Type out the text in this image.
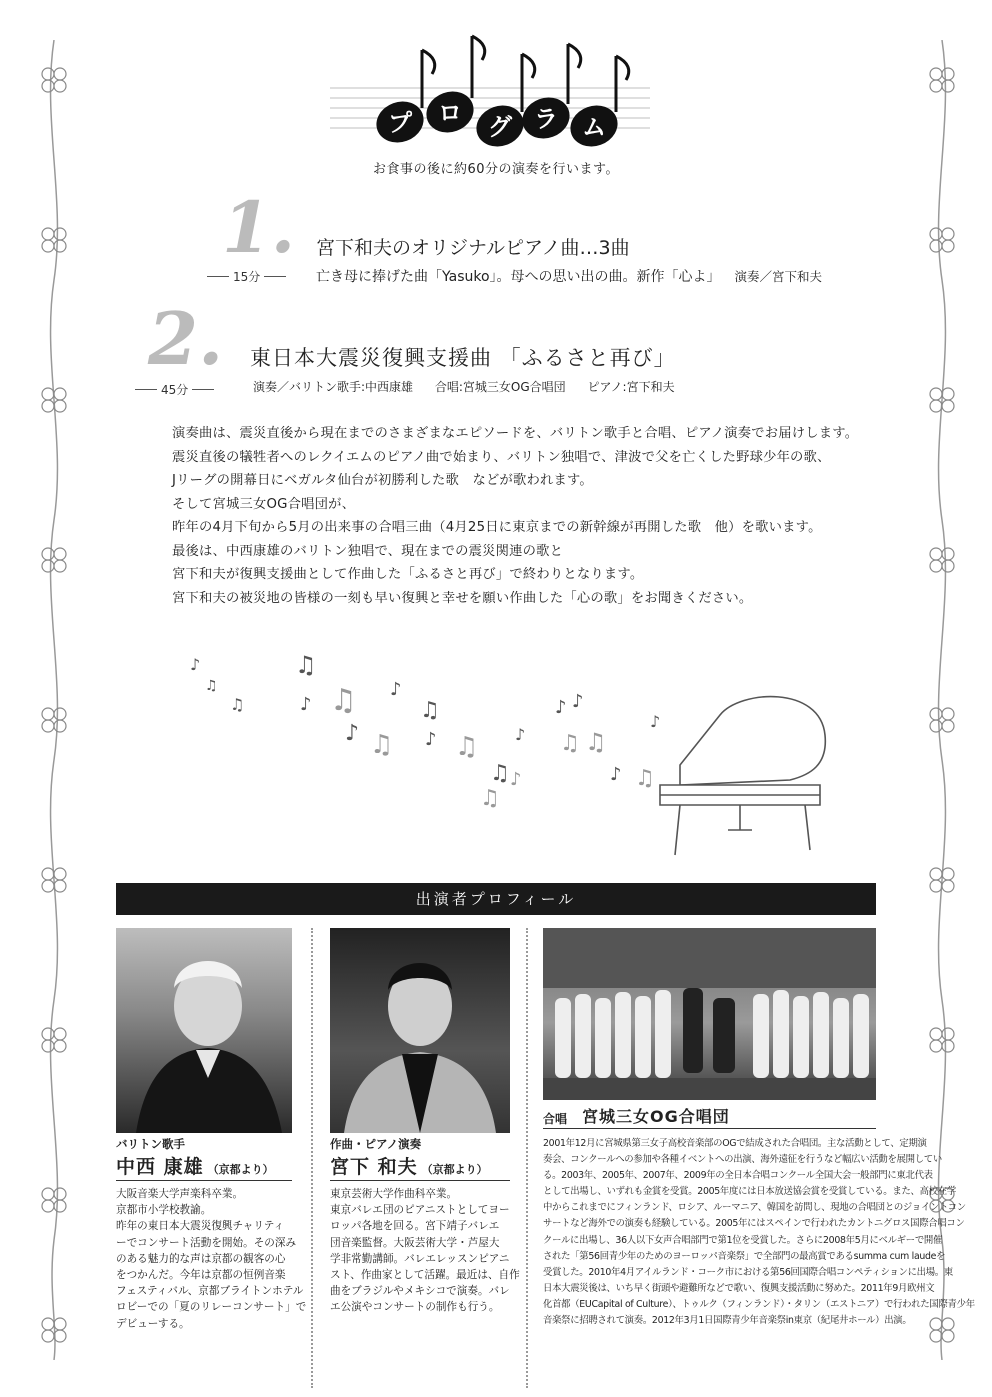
プ ロ グ ラ ム
お食事の後に約60分の演奏を行います。
1.
15分
宮下和夫のオリジナルピアノ曲…3曲
亡き母に捧げた曲「Yasuko」。母への思い出の曲。新作「心よ」 演奏／宮下和夫
2.
45分
東日本大震災復興支援曲 「ふるさと再び」
演奏／バリトン歌手:中西康雄 合唱:宮城三女OG合唱団 ピアノ:宮下和夫
演奏曲は、震災直後から現在までのさまざまなエピソードを、バリトン歌手と合唱、ピアノ演奏でお届けします。
震災直後の犠牲者へのレクイエムのピアノ曲で始まり、バリトン独唱で、津波で父を亡くした野球少年の歌、
Jリーグの開幕日にベガルタ仙台が初勝利した歌　などが歌われます。
そして宮城三女OG合唱団が、
昨年の4月下旬から5月の出来事の合唱三曲（4月25日に東京までの新幹線が再開した歌　他）を歌います。
最後は、中西康雄のバリトン独唱で、現在までの震災関連の歌と
宮下和夫が復興支援曲として作曲した「ふるさと再び」で終わりとなります。
宮下和夫の被災地の皆様の一刻も早い復興と幸せを願い作曲した「心の歌」をお聞きください。
♪
♫
♫
♫
♪ ♫ ♪
♫
♪ ♫ ♪ ♫ ♪
♫ ♪
♪ ♪
♫ ♫
♪
♪ ♫
♫
出演者プロフィール
バリトン歌手
中西 康雄 （京都より）
大阪音楽大学声楽科卒業。
京都市小学校教諭。
昨年の東日本大震災復興チャリティ
ーでコンサート活動を開始。その深み
のある魅力的な声は京都の観客の心
をつかんだ。今年は京都の恒例音楽
フェスティバル、京都ブライトンホテル
ロビーでの「夏のリレーコンサート」で
デビューする。
作曲・ピアノ演奏
宮下 和夫 （京都より）
東京芸術大学作曲科卒業。
東京バレエ団のピアニストとしてヨー
ロッパ各地を回る。宮下靖子バレエ
団音楽監督。大阪芸術大学・芦屋大
学非常勤講師。バレエレッスンピアニ
スト、作曲家として活躍。最近は、自作
曲をブラジルやメキシコで演奏。バレ
エ公演やコンサートの制作も行う。
合唱 宮城三女OG合唱団
2001年12月に宮城県第三女子高校音楽部のOGで結成された合唱団。主な活動として、定期演
奏会、コンクールへの参加や各種イベントへの出演、海外遠征を行うなど幅広い活動を展開してい
る。2003年、2005年、2007年、2009年の全日本合唱コンクール全国大会一般部門に東北代表
として出場し、いずれも金賞を受賞。2005年度には日本放送協会賞を受賞している。また、高校在学
中からこれまでにフィンランド、ロシア、ルーマニア、韓国を訪問し、現地の合唱団とのジョイントコン
サートなど海外での演奏も経験している。2005年にはスペインで行われたカントニグロス国際合唱コン
クールに出場し、36人以下女声合唱部門で第1位を受賞した。さらに2008年5月にベルギーで開催
された「第56回青少年のためのヨーロッパ音楽祭」で全部門の最高賞であるsumma cum laudeを
受賞した。2010年4月アイルランド・コーク市における第56回国際合唱コンペティションに出場。東
日本大震災後は、いち早く街頭や避難所などで歌い、復興支援活動に努めた。2011年9月欧州文
化首都（EUCapital of Culture）、トゥルク（フィンランド）・タリン（エストニア）で行われた国際青少年
音楽祭に招聘されて演奏。2012年3月1日国際青少年音楽祭in東京（紀尾井ホール）出演。
